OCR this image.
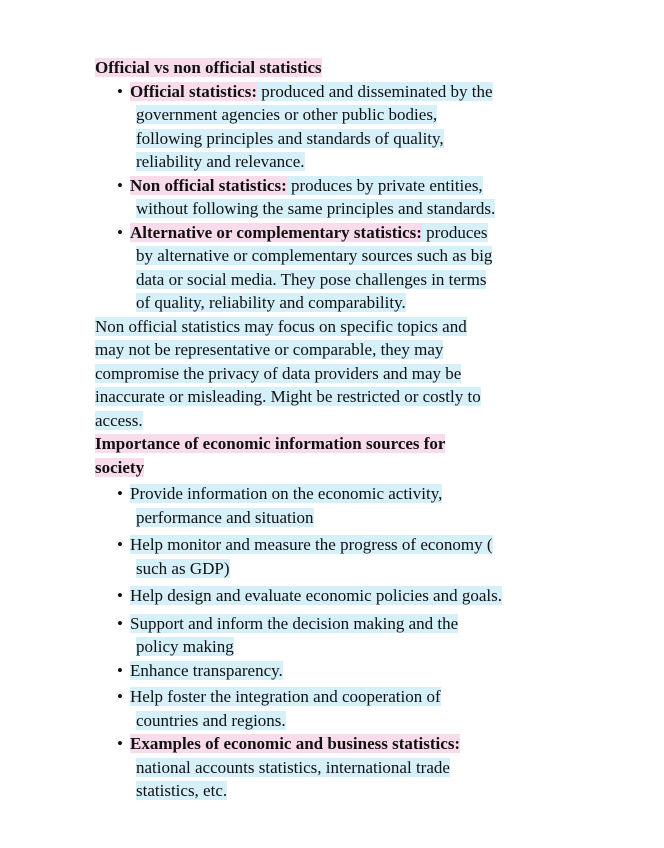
Official vs non official statistics
• Official statistics: produced and disseminated by the
government agencies or other public bodies,
following principles and standards of quality,
reliability and relevance.
• Non official statistics: produces by private entities,
without following the same principles and standards.
• Alternative or complementary statistics: produces
by alternative or complementary sources such as big
data or social media. They pose challenges in terms
of quality, reliability and comparability.
Non official statistics may focus on specific topics and
may not be representative or comparable, they may
compromise the privacy of data providers and may be
inaccurate or misleading. Might be restricted or costly to
access.
Importance of economic information sources for
society
• Provide information on the economic activity,
performance and situation
• Help monitor and measure the progress of economy (
such as GDP)
• Help design and evaluate economic policies and goals.
• Support and inform the decision making and the
policy making
• Enhance transparency.
• Help foster the integration and cooperation of
countries and regions.
• Examples of economic and business statistics:
national accounts statistics, international trade
statistics, etc.
